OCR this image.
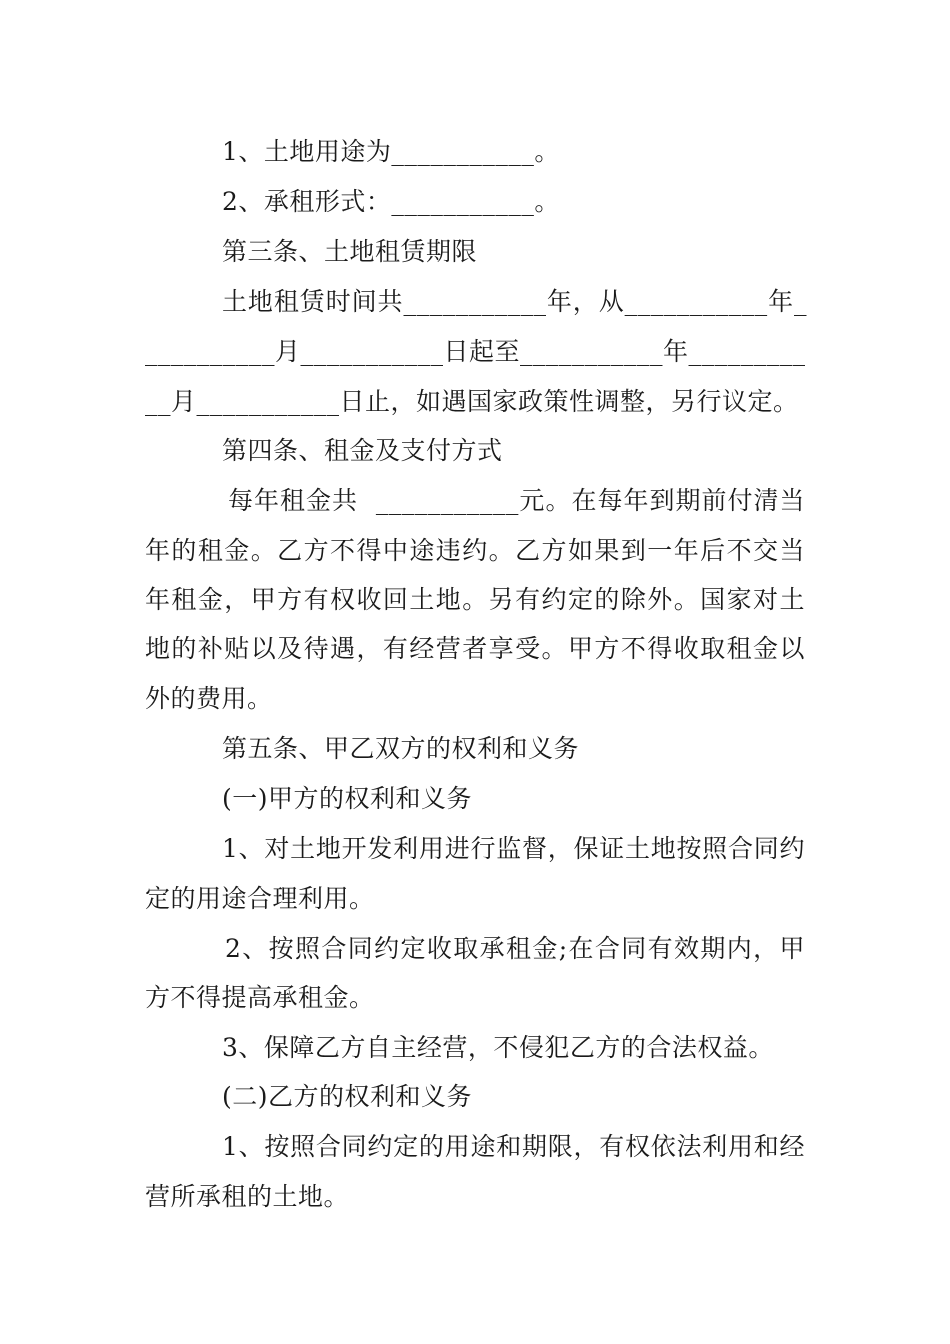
1、土地用途为___________。
2、承租形式：___________。
第三条、土地租赁期限
土地租赁时间共___________年，从___________年_
__________月___________日起至___________年_________
__月___________日止，如遇国家政策性调整，另行议定。
第四条、租金及支付方式
每年租金共  ___________元。在每年到期前付清当
年的租金。乙方不得中途违约。乙方如果到一年后不交当
年租金，甲方有权收回土地。另有约定的除外。国家对土
地的补贴以及待遇，有经营者享受。甲方不得收取租金以
外的费用。
第五条、甲乙双方的权利和义务
(一)甲方的权利和义务
1、对土地开发利用进行监督，保证土地按照合同约
定的用途合理利用。
2、按照合同约定收取承租金;在合同有效期内，甲
方不得提高承租金。
3、保障乙方自主经营，不侵犯乙方的合法权益。
(二)乙方的权利和义务
1、按照合同约定的用途和期限，有权依法利用和经
营所承租的土地。
